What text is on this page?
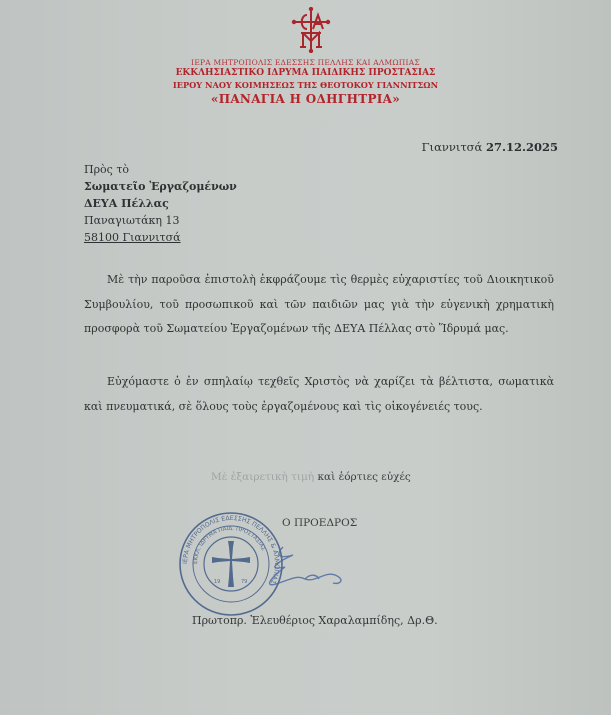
ΙΕΡΑ ΜΗΤΡΟΠΟΛΙΣ ΕΔΕΣΣΗΣ ΠΕΛΛΗΣ ΚΑΙ ΑΛΜΩΠΙΑΣ
ΕΚΚΛΗΣΙΑΣΤΙΚΟ ΙΔΡΥΜΑ ΠΑΙΔΙΚΗΣ ΠΡΟΣΤΑΣΙΑΣ
ΙΕΡΟΥ ΝΑΟΥ ΚΟΙΜΗΣΕΩΣ ΤΗΣ ΘΕΟΤΟΚΟΥ ΓΙΑΝΝΙΤΣΩΝ
«ΠΑΝΑΓΙΑ Η ΟΔΗΓΗΤΡΙΑ»
Γιαννιτσά 27.12.2025
Πρὸς τὸ
Σωματεῖο Ἐργαζομένων
ΔΕΥΑ Πέλλας
Παναγιωτάκη 13
58100 Γιαννιτσά
Μὲ τὴν παροῦσα ἐπιστολὴ ἐκφράζουμε τὶς θερμὲς εὐχαριστίες τοῦ Διοικητικοῦ Συμβουλίου, τοῦ προσωπικοῦ καὶ τῶν παιδιῶν μας γιὰ τὴν εὐγενικὴ χρηματικὴ προσφορὰ τοῦ Σωματείου Ἐργαζομένων τῆς ΔΕΥΑ Πέλλας στὸ Ἵδρυμά μας.
Εὐχόμαστε ὁ ἐν σπηλαίῳ τεχθεῖς Χριστὸς νὰ χαρίζει τὰ βέλτιστα, σωματικὰ καὶ πνευματικά, σὲ ὅλους τοὺς ἐργαζομένους καὶ τὶς οἰκογένειές τους.
Μὲ ἐξαιρετικὴ τιμὴ καὶ ἑόρτιες εὐχές
Ο ΠΡΟΕΔΡΟΣ
ΙΕΡΑ ΜΗΤΡΟΠΟΛΙΣ ΕΔΕΣΣΗΣ ΠΕΛΛΗΣ & ΑΛΜΩΠΙΑΣ
ΕΚΚΛ. ΙΔΡΥΜΑ ΠΑΙΔ. ΠΡΟΣΤΑΣΙΑΣ
19	79
Πρωτοπρ. Ἐλευθέριος Χαραλαμπίδης, Δρ.Θ.
